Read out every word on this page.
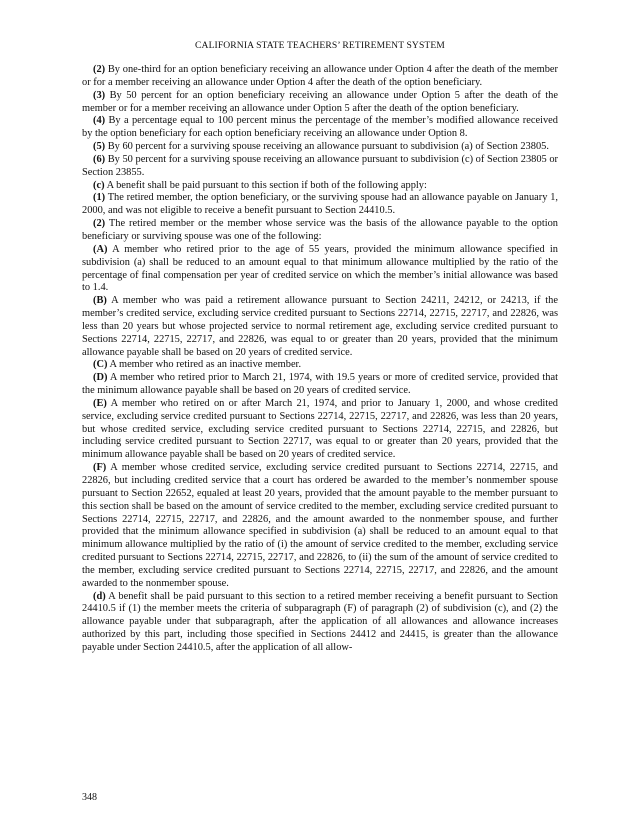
CALIFORNIA STATE TEACHERS’ RETIREMENT SYSTEM

(2) By one-third for an option beneficiary receiving an allowance under Option 4 after the death of the member or for a member receiving an allowance under Option 4 after the death of the option beneficiary.

(3) By 50 percent for an option beneficiary receiving an allowance under Option 5 after the death of the member or for a member receiving an allowance under Option 5 after the death of the option beneficiary.

(4) By a percentage equal to 100 percent minus the percentage of the member’s modified allowance received by the option beneficiary for each option beneficiary receiving an allowance under Option 8.

(5) By 60 percent for a surviving spouse receiving an allowance pursuant to subdivision (a) of Section 23805.

(6) By 50 percent for a surviving spouse receiving an allowance pursuant to subdivision (c) of Section 23805 or Section 23855.

(c) A benefit shall be paid pursuant to this section if both of the following apply:

(1) The retired member, the option beneficiary, or the surviving spouse had an allowance payable on January 1, 2000, and was not eligible to receive a benefit pursuant to Section 24410.5.

(2) The retired member or the member whose service was the basis of the allowance payable to the option beneficiary or surviving spouse was one of the following:

(A) A member who retired prior to the age of 55 years, provided the minimum allowance specified in subdivision (a) shall be reduced to an amount equal to that minimum allowance multiplied by the ratio of the percentage of final compensation per year of credited service on which the member’s initial allowance was based to 1.4.

(B) A member who was paid a retirement allowance pursuant to Section 24211, 24212, or 24213, if the member’s credited service, excluding service credited pursuant to Sections 22714, 22715, 22717, and 22826, was less than 20 years but whose projected service to normal retirement age, excluding service credited pursuant to Sections 22714, 22715, 22717, and 22826, was equal to or greater than 20 years, provided that the minimum allowance payable shall be based on 20 years of credited service.

(C) A member who retired as an inactive member.

(D) A member who retired prior to March 21, 1974, with 19.5 years or more of credited service, provided that the minimum allowance payable shall be based on 20 years of credited service.

(E) A member who retired on or after March 21, 1974, and prior to January 1, 2000, and whose credited service, excluding service credited pursuant to Sections 22714, 22715, 22717, and 22826, was less than 20 years, but whose credited service, excluding service credited pursuant to Sections 22714, 22715, and 22826, but including service credited pursuant to Section 22717, was equal to or greater than 20 years, provided that the minimum allowance payable shall be based on 20 years of credited service.

(F) A member whose credited service, excluding service credited pursuant to Sections 22714, 22715, and 22826, but including credited service that a court has ordered be awarded to the member’s nonmember spouse pursuant to Section 22652, equaled at least 20 years, provided that the amount payable to the member pursuant to this section shall be based on the amount of service credited to the member, excluding service credited pursuant to Sections 22714, 22715, 22717, and 22826, and the amount awarded to the nonmember spouse, and further provided that the minimum allowance specified in subdivision (a) shall be reduced to an amount equal to that minimum allowance multiplied by the ratio of (i) the amount of service credited to the member, excluding service credited pursuant to Sections 22714, 22715, 22717, and 22826, to (ii) the sum of the amount of service credited to the member, excluding service credited pursuant to Sections 22714, 22715, 22717, and 22826, and the amount awarded to the nonmember spouse.

(d) A benefit shall be paid pursuant to this section to a retired member receiving a benefit pursuant to Section 24410.5 if (1) the member meets the criteria of subparagraph (F) of paragraph (2) of subdivision (c), and (2) the allowance payable under that subparagraph, after the application of all allowances and allowance increases authorized by this part, including those specified in Sections 24412 and 24415, is greater than the allowance payable under Section 24410.5, after the application of all allow-

348
